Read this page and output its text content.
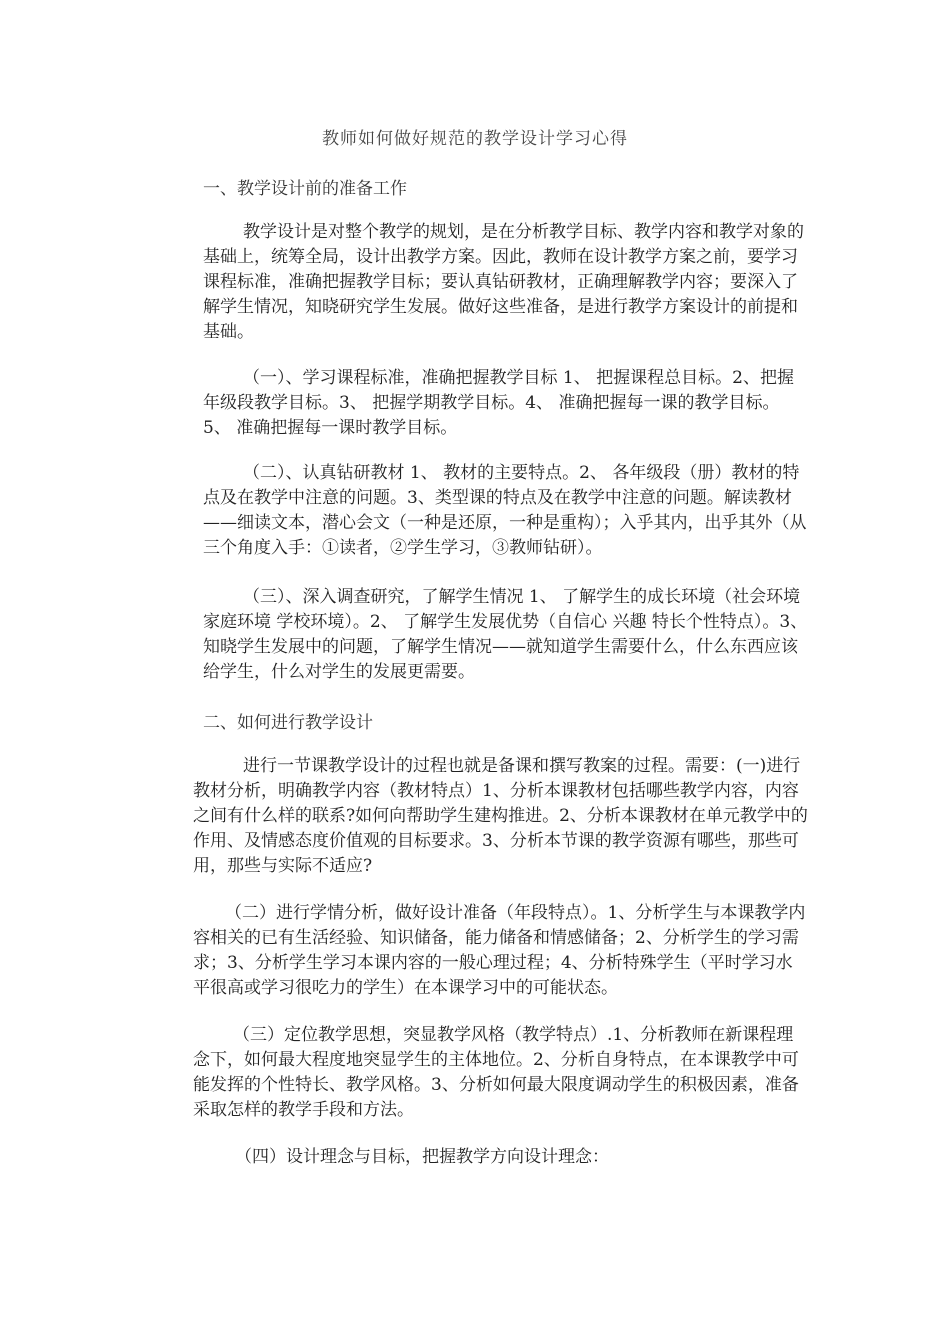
教师如何做好规范的教学设计学习心得
一、教学设计前的准备工作

教学设计是对整个教学的规划，是在分析教学目标、教学内容和教学对象的基础上，统筹全局，设计出教学方案。因此，教师在设计教学方案之前，要学习课程标准，准确把握教学目标；要认真钻研教材，正确理解教学内容；要深入了解学生情况，知晓研究学生发展。做好这些准备，是进行教学方案设计的前提和基础。

（一）、学习课程标准，准确把握教学目标 1、 把握课程总目标。2、把握年级段教学目标。3、 把握学期教学目标。4、 准确把握每一课的教学目标。 5、 准确把握每一课时教学目标。

（二）、认真钻研教材 1、 教材的主要特点。2、 各年级段（册）教材的特点及在教学中注意的问题。3、类型课的特点及在教学中注意的问题。解读教材——细读文本，潜心会文（一种是还原，一种是重构）；入乎其内，出乎其外（从三个角度入手：①读者，②学生学习，③教师钻研）。

（三）、深入调查研究，了解学生情况 1、 了解学生的成长环境（社会环境 家庭环境 学校环境）。2、 了解学生发展优势（自信心 兴趣 特长个性特点）。3、 知晓学生发展中的问题，了解学生情况——就知道学生需要什么，什么东西应该给学生，什么对学生的发展更需要。

二、如何进行教学设计

进行一节课教学设计的过程也就是备课和撰写教案的过程。需要：(一)进行教材分析，明确教学内容（教材特点）1、分析本课教材包括哪些教学内容，内容之间有什么样的联系?如何向帮助学生建构推进。2、分析本课教材在单元教学中的作用、及情感态度价值观的目标要求。3、分析本节课的教学资源有哪些，那些可用，那些与实际不适应?

（二）进行学情分析，做好设计准备（年段特点）。1、分析学生与本课教学内容相关的已有生活经验、知识储备，能力储备和情感储备；2、分析学生的学习需求；3、分析学生学习本课内容的一般心理过程；4、分析特殊学生（平时学习水平很高或学习很吃力的学生）在本课学习中的可能状态。

（三）定位教学思想，突显教学风格（教学特点）.1、分析教师在新课程理念下，如何最大程度地突显学生的主体地位。2、分析自身特点，在本课教学中可能发挥的个性特长、教学风格。3、分析如何最大限度调动学生的积极因素，准备采取怎样的教学手段和方法。

（四）设计理念与目标，把握教学方向设计理念：
